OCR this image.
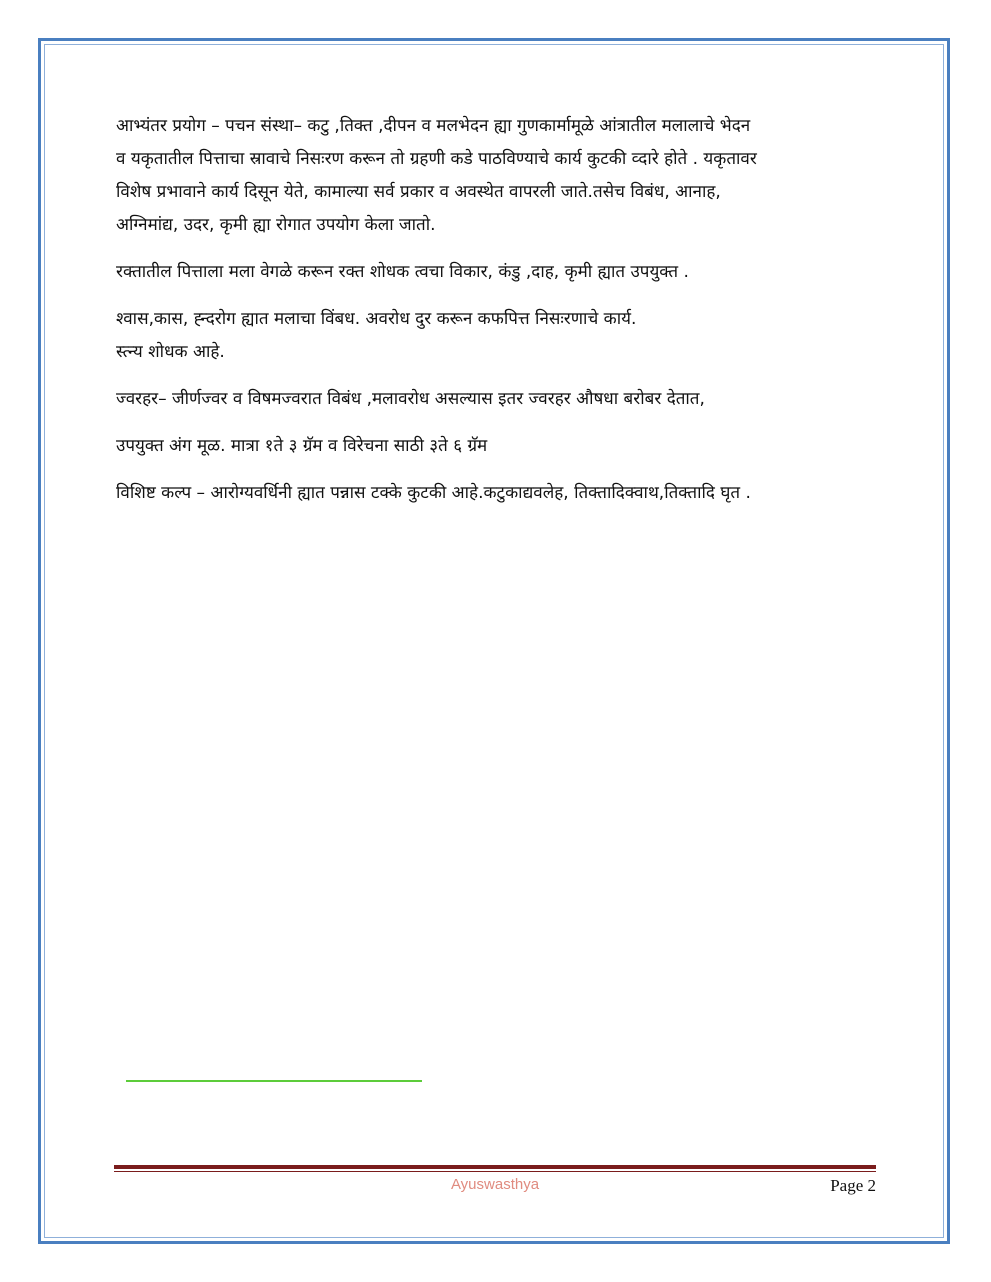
आभ्यंतर प्रयोग – पचन संस्था– कटु ,तिक्त ,दीपन व मलभेदन ह्या गुणकार्मामूळे आंत्रातील मलालाचे भेदन
व यकृतातील पित्ताचा स्रावाचे निसःरण करून तो ग्रहणी कडे पाठविण्याचे कार्य कुटकी व्दारे होते . यकृतावर
विशेष प्रभावाने कार्य दिसून येते, कामाल्या सर्व प्रकार व अवस्थेत वापरली जाते.तसेच विबंध, आनाह,
अग्निमांद्य, उदर, कृमी ह्या रोगात उपयोग केला जातो.

रक्तातील पित्ताला मला वेगळे करून रक्त शोधक त्वचा विकार, कंडु ,दाह, कृमी ह्यात उपयुक्त .

श्वास,कास, ह्न्दरोग ह्यात मलाचा विंबध. अवरोध दुर करून कफपित्त निसःरणाचे कार्य.
स्त्न्य शोधक आहे.

ज्वरहर– जीर्णज्वर व विषमज्वरात विबंध ,मलावरोध असल्यास इतर ज्वरहर औषधा बरोबर देतात,

उपयुक्त अंग मूळ. मात्रा १ते ३ ग्रॅम व विरेचना साठी ३ते ६ ग्रॅम

विशिष्ट कल्प – आरोग्यवर्धिनी ह्यात पन्नास टक्के कुटकी आहे.कटुकाद्यवलेह, तिक्तादिक्वाथ,तिक्तादि घृत .

Ayuswasthya	Page 2
